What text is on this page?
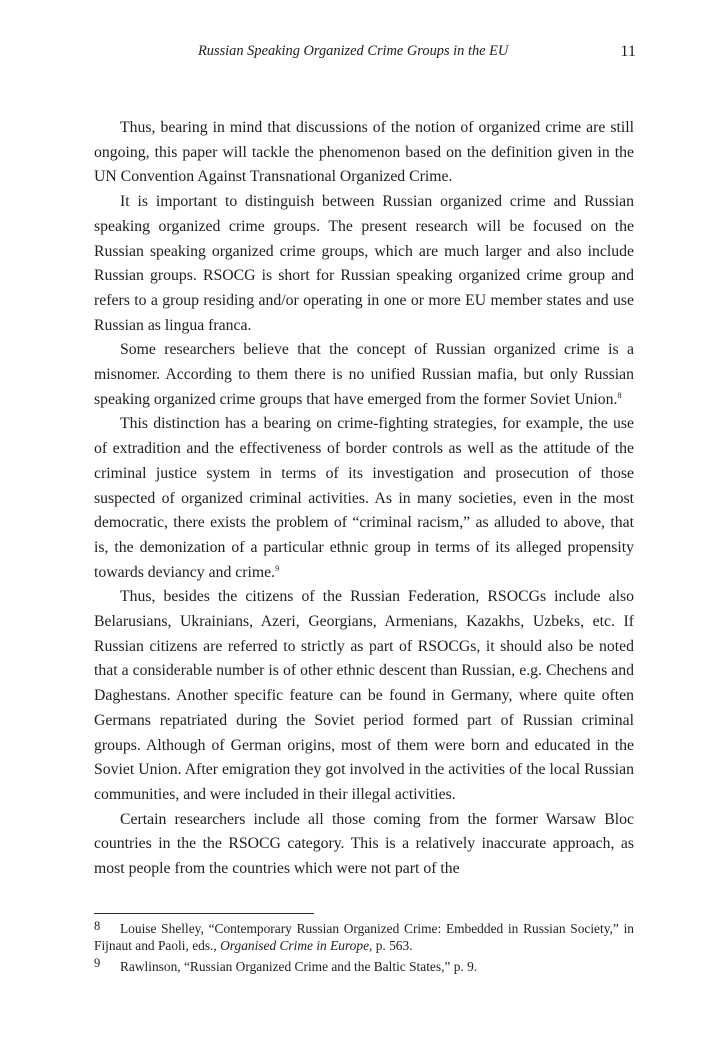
Russian Speaking Organized Crime Groups in the EU	11

Thus, bearing in mind that discussions of the notion of organized crime are still ongoing, this paper will tackle the phenomenon based on the definition given in the UN Convention Against Transnational Organized Crime.

It is important to distinguish between Russian organized crime and Russian speaking organized crime groups. The present research will be focused on the Russian speaking organized crime groups, which are much larger and also include Russian groups. RSOCG is short for Russian speaking organized crime group and refers to a group residing and/or operating in one or more EU member states and use Russian as lingua franca.

Some researchers believe that the concept of Russian organized crime is a misnomer. According to them there is no unified Russian mafia, but only Russian speaking organized crime groups that have emerged from the former Soviet Union.$^8$

This distinction has a bearing on crime-fighting strategies, for example, the use of extradition and the effectiveness of border controls as well as the attitude of the criminal justice system in terms of its investigation and prosecution of those suspected of organized criminal activities. As in many societies, even in the most democratic, there exists the problem of “criminal racism,” as alluded to above, that is, the demonization of a particular ethnic group in terms of its alleged propensity towards deviancy and crime.$^9$

Thus, besides the citizens of the Russian Federation, RSOCGs include also Belarusians, Ukrainians, Azeri, Georgians, Armenians, Kazakhs, Uzbeks, etc. If Russian citizens are referred to strictly as part of RSOCGs, it should also be noted that a considerable number is of other ethnic descent than Russian, e.g. Chechens and Daghestans. Another specific feature can be found in Germany, where quite often Germans repatriated during the Soviet period formed part of Russian criminal groups. Although of German origins, most of them were born and educated in the Soviet Union. After emigration they got involved in the activities of the local Russian communities, and were included in their illegal activities.

Certain researchers include all those coming from the former Warsaw Bloc countries in the the RSOCG category. This is a relatively inaccurate approach, as most people from the countries which were not part of the

8 Louise Shelley, “Contemporary Russian Organized Crime: Embedded in Russian Society,” in Fijnaut and Paoli, eds., Organised Crime in Europe, p. 563.

9 Rawlinson, “Russian Organized Crime and the Baltic States,” p. 9.
